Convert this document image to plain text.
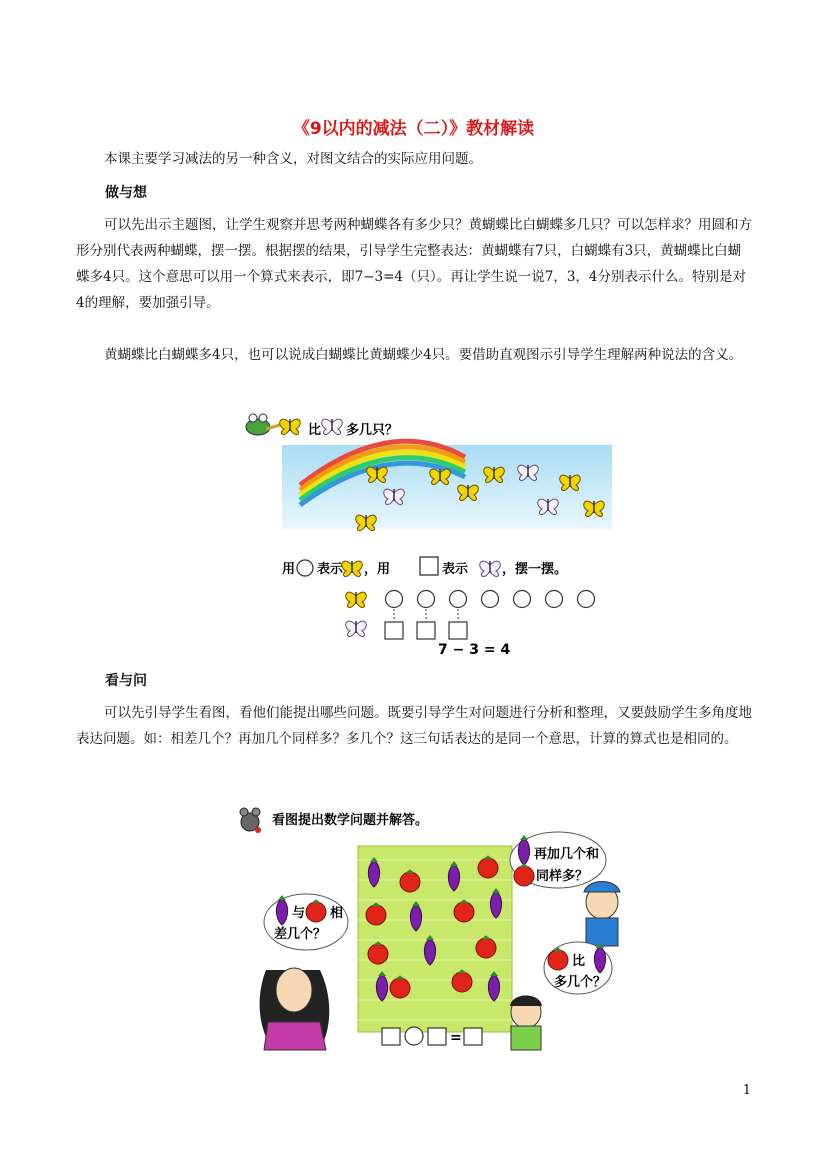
《9以内的减法（二）》教材解读

本课主要学习减法的另一种含义，对图文结合的实际应用问题。

做与想

可以先出示主题图，让学生观察并思考两种蝴蝶各有多少只？黄蝴蝶比白蝴蝶多几只？可以怎样求？用圆和方形分别代表两种蝴蝶，摆一摆。根据摆的结果，引导学生完整表达：黄蝴蝶有7只，白蝴蝶有3只，黄蝴蝶比白蝴蝶多4只。这个意思可以用一个算式来表示，即7−3=4（只）。再让学生说一说7，3，4分别表示什么。特别是对4的理解，要加强引导。

黄蝴蝶比白蝴蝶多4只，也可以说成白蝴蝶比黄蝴蝶少4只。要借助直观图示引导学生理解两种说法的含义。

比 多几只？
用 表示 ，用	表示	，摆一摆。
7 − 3 = 4
看与问

可以先引导学生看图，看他们能提出哪些问题。既要引导学生对问题进行分析和整理，又要鼓励学生多角度地表达问题。如：相差几个？再加几个同样多？多几个？这三句话表达的是同一个意思，计算的算式也是相同的。

看图提出数学问题并解答。
=
与 相
差几个？
再加几个和
同样多？
比
多几个？
1
